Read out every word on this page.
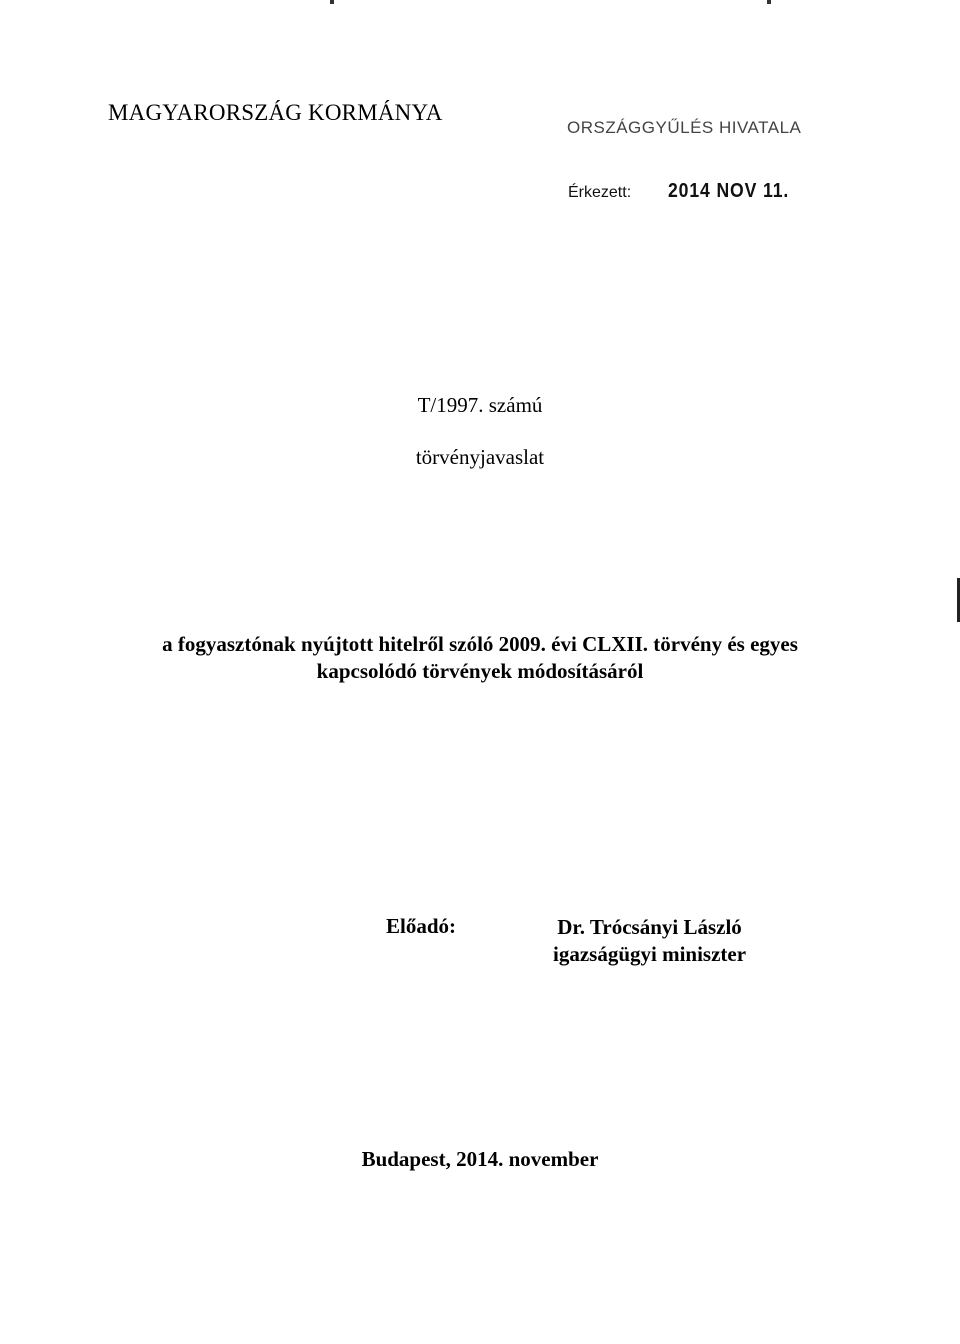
MAGYARORSZÁG KORMÁNYA
ORSZÁGGYŰLÉS HIVATALA
Érkezett: 2014 NOV 11.
T/1997. számú
törvényjavaslat
a fogyasztónak nyújtott hitelről szóló 2009. évi CLXII. törvény és egyes
kapcsolódó törvények módosításáról
Előadó:	Dr. Trócsányi László
igazságügyi miniszter
Budapest, 2014. november
